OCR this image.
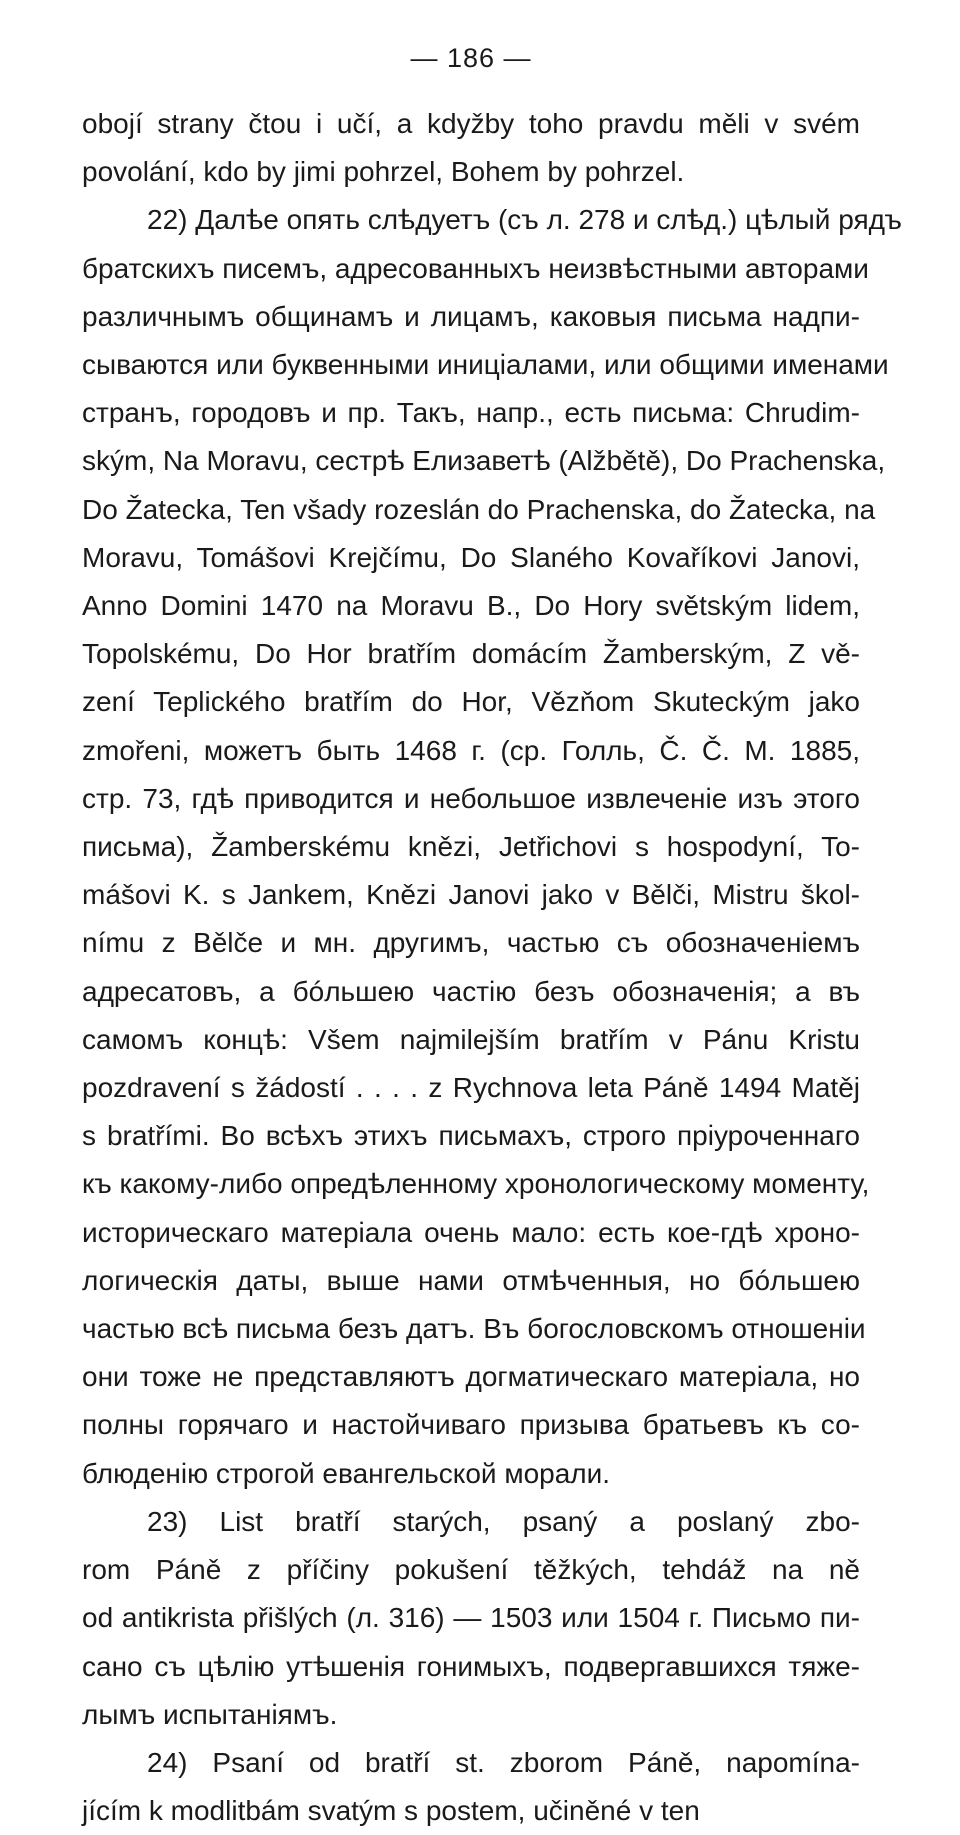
— 186 —
obojí strany čtou i učí, a kdyžby toho pravdu měli v svém
povolání, kdo by jimi pohrzel, Bohem by pohrzel.
22) Далѣе опять слѣдуетъ (съ л. 278 и слѣд.) цѣлый рядъ
братскихъ писемъ, адресованныхъ неизвѣстными авторами
различнымъ общинамъ и лицамъ, каковыя письма надпи-
сываются или буквенными иниціалами, или общими именами
странъ, городовъ и пр. Такъ, напр., есть письма: Chrudim-
ským, Na Moravu, сестрѣ Елизаветѣ (Alžbětě), Do Prachenska,
Do Žatecka, Ten všady rozeslán do Prachenska, do Žatecka, na
Moravu, Tomášovi Krejčímu, Do Slaného Kovaříkovi Janovi,
Anno Domini 1470 na Moravu B., Do Hory světským lidem,
Topolskému, Do Hor bratřím domácím Žamberským, Z vě-
zení Teplického bratřím do Hor, Vězňom Skuteckým jako
zmořeni, можетъ быть 1468 г. (ср. Голль, Č. Č. M. 1885,
стр. 73, гдѣ приводится и небольшое извлеченіе изъ этого
письма), Žamberskému knězi, Jetřichovi s hospodyní, To-
mášovi K. s Jankem, Knězi Janovi jako v Bělči, Mistru škol-
nímu z Bělče и мн. другимъ, частью съ обозначеніемъ
адресатовъ, а бóльшею частію безъ обозначенія; а въ
самомъ концѣ: Všem najmilejším bratřím v Pánu Kristu
pozdravení s žádostí . . . . z Rychnova leta Páně 1494 Matěj
s bratřími. Во всѣхъ этихъ письмахъ, строго пріуроченнаго
къ какому-либо опредѣленному хронологическому моменту,
историческаго матеріала очень мало: есть кое-гдѣ хроно-
логическія даты, выше нами отмѣченныя, но бóльшею
частью всѣ письма безъ датъ. Въ богословскомъ отношеніи
они тоже не представляютъ догматическаго матеріала, но
полны горячаго и настойчиваго призыва братьевъ къ со-
блюденію строгой евангельской морали.
23) List bratří starých, psaný a poslaný zbo-
rom Páně z příčiny pokušení těžkých, tehdáž na ně
od antikrista přišlých (л. 316) — 1503 или 1504 г. Письмо пи-
сано съ цѣлію утѣшенія гонимыхъ, подвергавшихся тяже-
лымъ испытаніямъ.
24) Psaní od bratří st. zborom Páně, napomína-
jícím k modlitbám svatým s postem, učiněné v ten
